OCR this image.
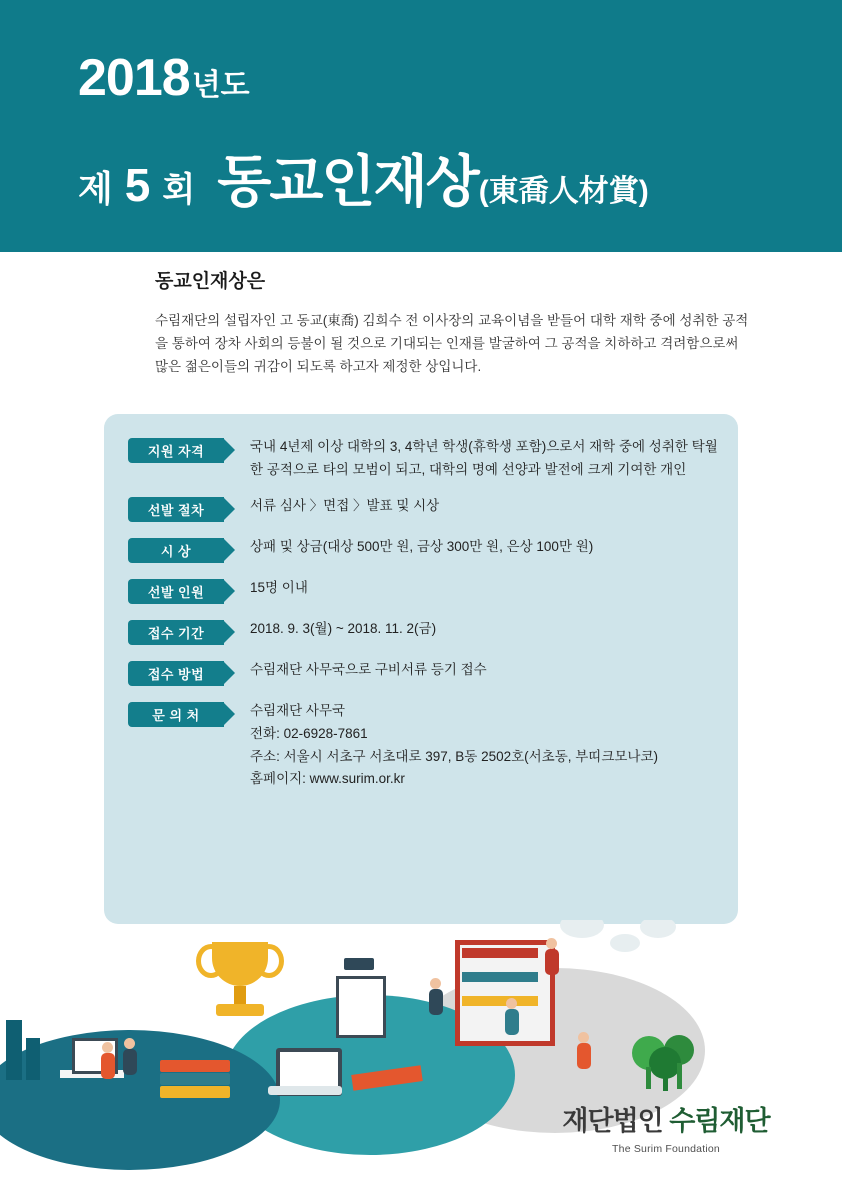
2018년도
제 5 회 동교인재상 (東喬人材賞)
동교인재상은

수림재단의 설립자인 고 동교(東喬) 김희수 전 이사장의 교육이념을 받들어 대학 재학 중에 성취한 공적을 통하여 장차 사회의 등불이 될 것으로 기대되는 인재를 발굴하여 그 공적을 치하하고 격려함으로써 많은 젊은이들의 귀감이 되도록 하고자 제정한 상입니다.

지원 자격	국내 4년제 이상 대학의 3, 4학년 학생(휴학생 포함)으로서 재학 중에 성취한 탁월한 공적으로 타의 모범이 되고, 대학의 명예 선양과 발전에 크게 기여한 개인
선발 절차	서류 심사 〉면접 〉발표 및 시상
시 상	상패 및 상금(대상 500만 원, 금상 300만 원, 은상 100만 원)
선발 인원	15명 이내
접수 기간	2018. 9. 3(월) ~ 2018. 11. 2(금)
접수 방법	수림재단 사무국으로 구비서류 등기 접수
문 의 처	수림재단 사무국
전화: 02-6928-7861
주소: 서울시 서초구 서초대로 397, B동 2502호(서초동, 부띠크모나코)
홈페이지: www.surim.or.kr
재단법인 수림재단
The Surim Foundation
